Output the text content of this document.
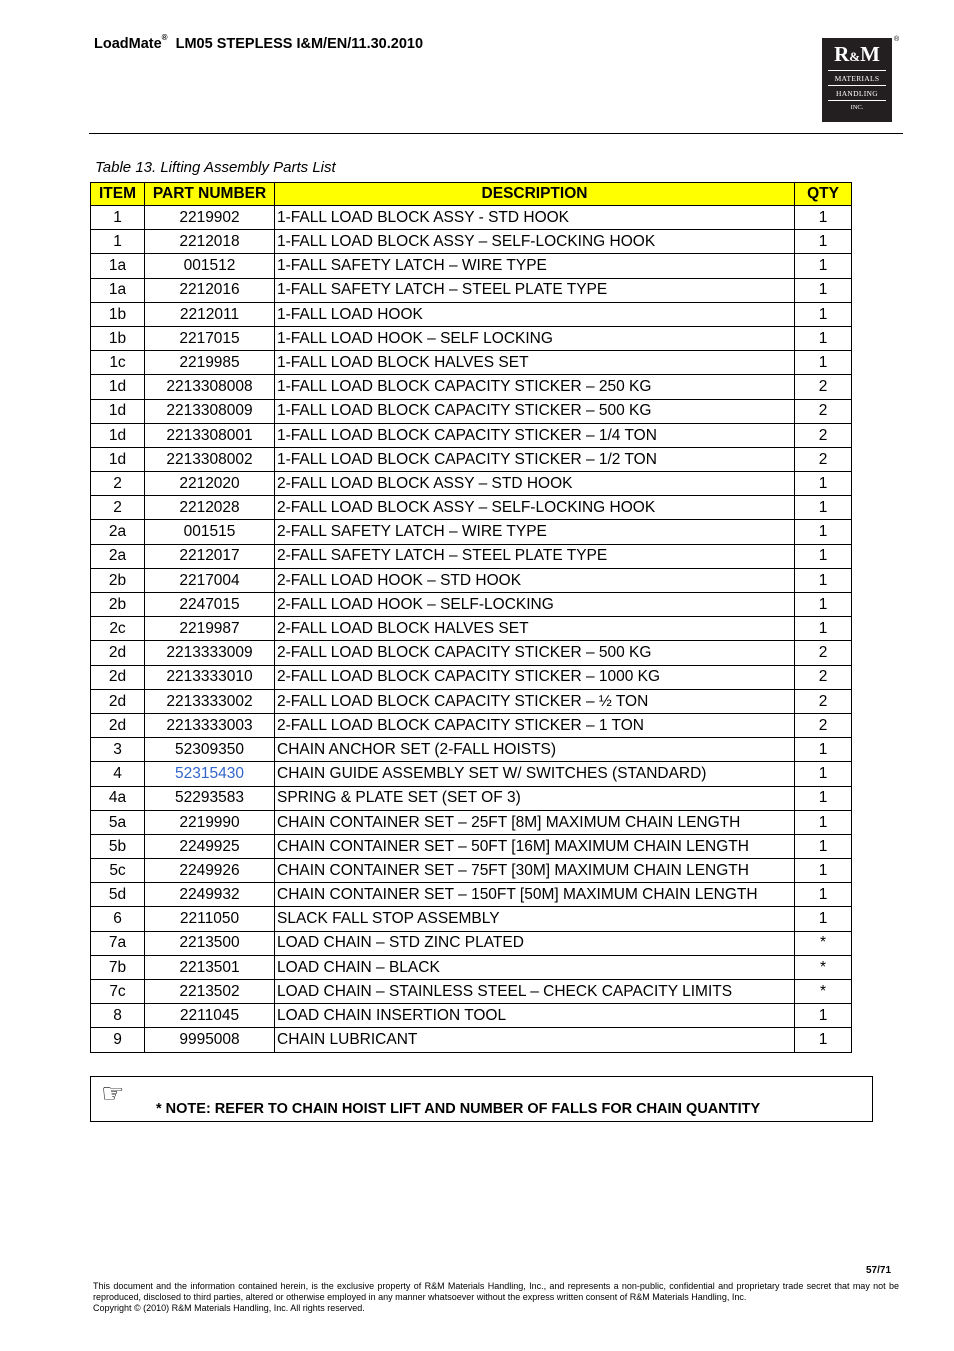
LoadMate® LM05 STEPLESS I&M/EN/11.30.2010	R&M
MATERIALS
HANDLING
INC.
®
Table 13. Lifting Assembly Parts List
ITEM	PART NUMBER	DESCRIPTION	QTY
1	2219902	1-FALL LOAD BLOCK ASSY - STD HOOK	1
1	2212018	1-FALL LOAD BLOCK ASSY – SELF-LOCKING HOOK	1
1a	001512	1-FALL SAFETY LATCH – WIRE TYPE	1
1a	2212016	1-FALL SAFETY LATCH – STEEL PLATE TYPE	1
1b	2212011	1-FALL LOAD HOOK	1
1b	2217015	1-FALL LOAD HOOK – SELF LOCKING	1
1c	2219985	1-FALL LOAD BLOCK HALVES SET	1
1d	2213308008	1-FALL LOAD BLOCK CAPACITY STICKER – 250 KG	2
1d	2213308009	1-FALL LOAD BLOCK CAPACITY STICKER – 500 KG	2
1d	2213308001	1-FALL LOAD BLOCK CAPACITY STICKER – 1/4 TON	2
1d	2213308002	1-FALL LOAD BLOCK CAPACITY STICKER – 1/2 TON	2
2	2212020	2-FALL LOAD BLOCK ASSY – STD HOOK	1
2	2212028	2-FALL LOAD BLOCK ASSY – SELF-LOCKING HOOK	1
2a	001515	2-FALL SAFETY LATCH – WIRE TYPE	1
2a	2212017	2-FALL SAFETY LATCH – STEEL PLATE TYPE	1
2b	2217004	2-FALL LOAD HOOK – STD HOOK	1
2b	2247015	2-FALL LOAD HOOK – SELF-LOCKING	1
2c	2219987	2-FALL LOAD BLOCK HALVES SET	1
2d	2213333009	2-FALL LOAD BLOCK CAPACITY STICKER – 500 KG	2
2d	2213333010	2-FALL LOAD BLOCK CAPACITY STICKER – 1000 KG	2
2d	2213333002	2-FALL LOAD BLOCK CAPACITY STICKER – ½ TON	2
2d	2213333003	2-FALL LOAD BLOCK CAPACITY STICKER – 1 TON	2
3	52309350	CHAIN ANCHOR SET (2-FALL HOISTS)	1
4	52315430	CHAIN GUIDE ASSEMBLY SET W/ SWITCHES (STANDARD)	1
4a	52293583	SPRING & PLATE SET (SET OF 3)	1
5a	2219990	CHAIN CONTAINER SET – 25FT [8M] MAXIMUM CHAIN LENGTH	1
5b	2249925	CHAIN CONTAINER SET – 50FT [16M] MAXIMUM CHAIN LENGTH	1
5c	2249926	CHAIN CONTAINER SET – 75FT [30M] MAXIMUM CHAIN LENGTH	1
5d	2249932	CHAIN CONTAINER SET – 150FT [50M] MAXIMUM CHAIN LENGTH	1
6	2211050	SLACK FALL STOP ASSEMBLY	1
7a	2213500	LOAD CHAIN – STD ZINC PLATED	*
7b	2213501	LOAD CHAIN – BLACK	*
7c	2213502	LOAD CHAIN – STAINLESS STEEL – CHECK CAPACITY LIMITS	*
8	2211045	LOAD CHAIN INSERTION TOOL	1
9	9995008	CHAIN LUBRICANT	1
☞ * NOTE: REFER TO CHAIN HOIST LIFT AND NUMBER OF FALLS FOR CHAIN QUANTITY
57/71
This document and the information contained herein, is the exclusive property of R&M Materials Handling, Inc., and represents a non-public, confidential and proprietary trade secret that may not be reproduced, disclosed to third parties, altered or otherwise employed in any manner whatsoever without the express written consent of R&M Materials Handling, Inc.
Copyright © (2010) R&M Materials Handling, Inc. All rights reserved.
